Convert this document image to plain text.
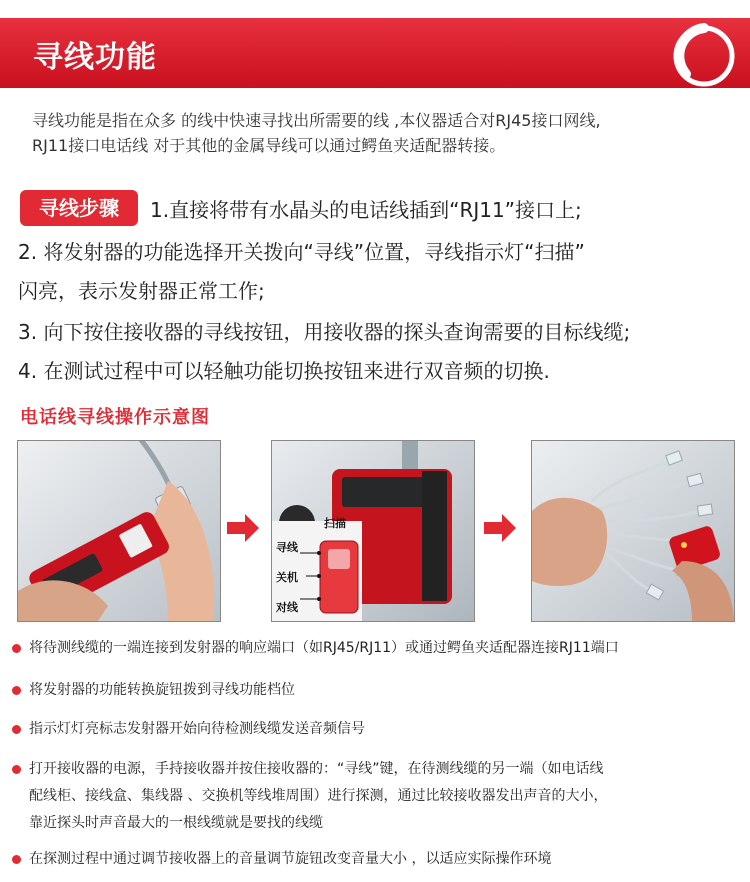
寻线功能
寻线功能是指在众多 的线中快速寻找出所需要的线 ,本仪器适合对RJ45接口网线,
RJ11接口电话线 对于其他的金属导线可以通过鳄鱼夹适配器转接。
寻线步骤	1.直接将带有水晶头的电话线插到“RJ11”接口上;
2. 将发射器的功能选择开关拨向“寻线”位置，寻线指示灯“扫描”
闪亮，表示发射器正常工作;
3. 向下按住接收器的寻线按钮，用接收器的探头查询需要的目标线缆;
4. 在测试过程中可以轻触功能切换按钮来进行双音频的切换.
电话线寻线操作示意图
扫描
寻线
关机
对线
将待测线缆的一端连接到发射器的响应端口（如RJ45/RJ11）或通过鳄鱼夹适配器连接RJ11端口
将发射器的功能转换旋钮拨到寻线功能档位
指示灯灯亮标志发射器开始向待检测线缆发送音频信号
打开接收器的电源，手持接收器并按住接收器的：“寻线”键，在待测线缆的另一端（如电话线
配线柜、接线盒、集线器 、交换机等线堆周围）进行探测，通过比较接收器发出声音的大小，
靠近探头时声音最大的一根线缆就是要找的线缆
在探测过程中通过调节接收器上的音量调节旋钮改变音量大小 ，以适应实际操作环境
